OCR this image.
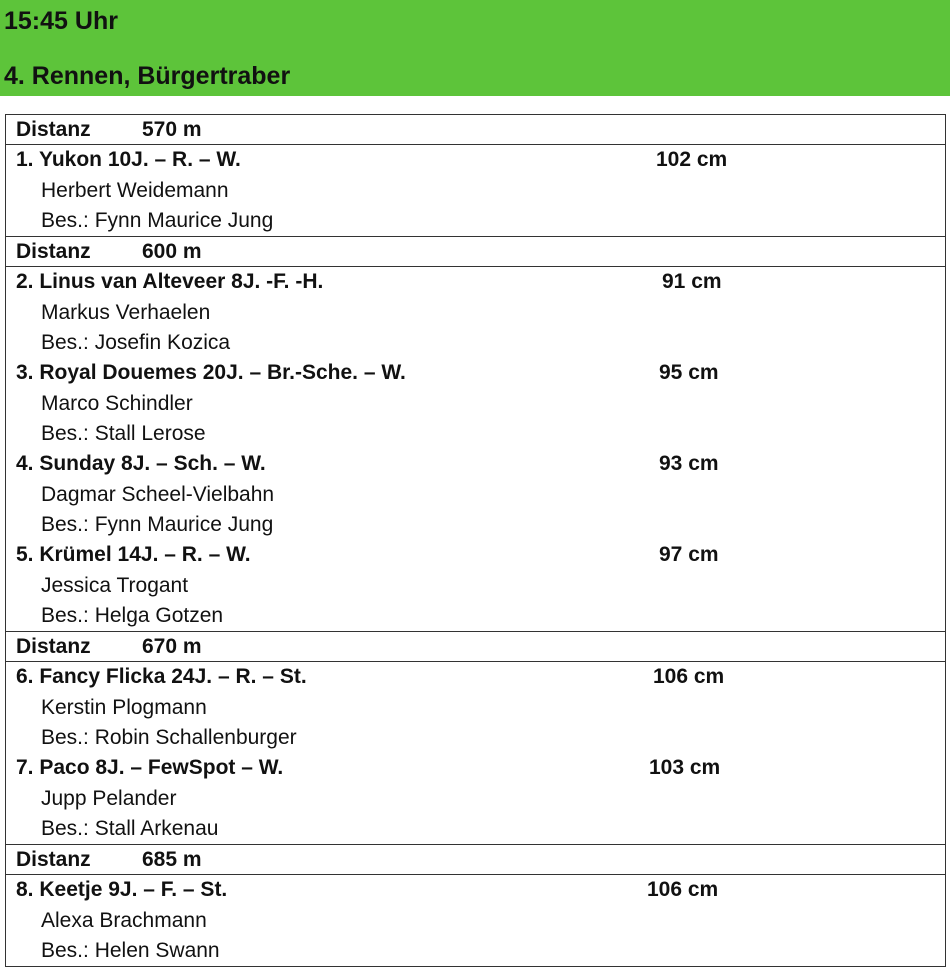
15:45 Uhr
4. Rennen, Bürgertraber
Distanz 570 m
1. Yukon 10J. – R. – W.
Herbert Weidemann
Bes.: Fynn Maurice Jung
102 cm
Distanz 600 m
2. Linus van Alteveer 8J. -F. -H.
Markus Verhaelen
Bes.: Josefin Kozica
91 cm
3. Royal Douemes 20J. – Br.-Sche. – W.
Marco Schindler
Bes.: Stall Lerose
95 cm
4. Sunday 8J. – Sch. – W.
Dagmar Scheel-Vielbahn
Bes.: Fynn Maurice Jung
93 cm
5. Krümel 14J. – R. – W.
Jessica Trogant
Bes.: Helga Gotzen
97 cm
Distanz 670 m
6. Fancy Flicka 24J. – R. – St.
Kerstin Plogmann
Bes.: Robin Schallenburger
106 cm
7. Paco 8J. – FewSpot – W.
Jupp Pelander
Bes.: Stall Arkenau
103 cm
Distanz 685 m
8. Keetje 9J. – F. – St.
Alexa Brachmann
Bes.: Helen Swann
106 cm
